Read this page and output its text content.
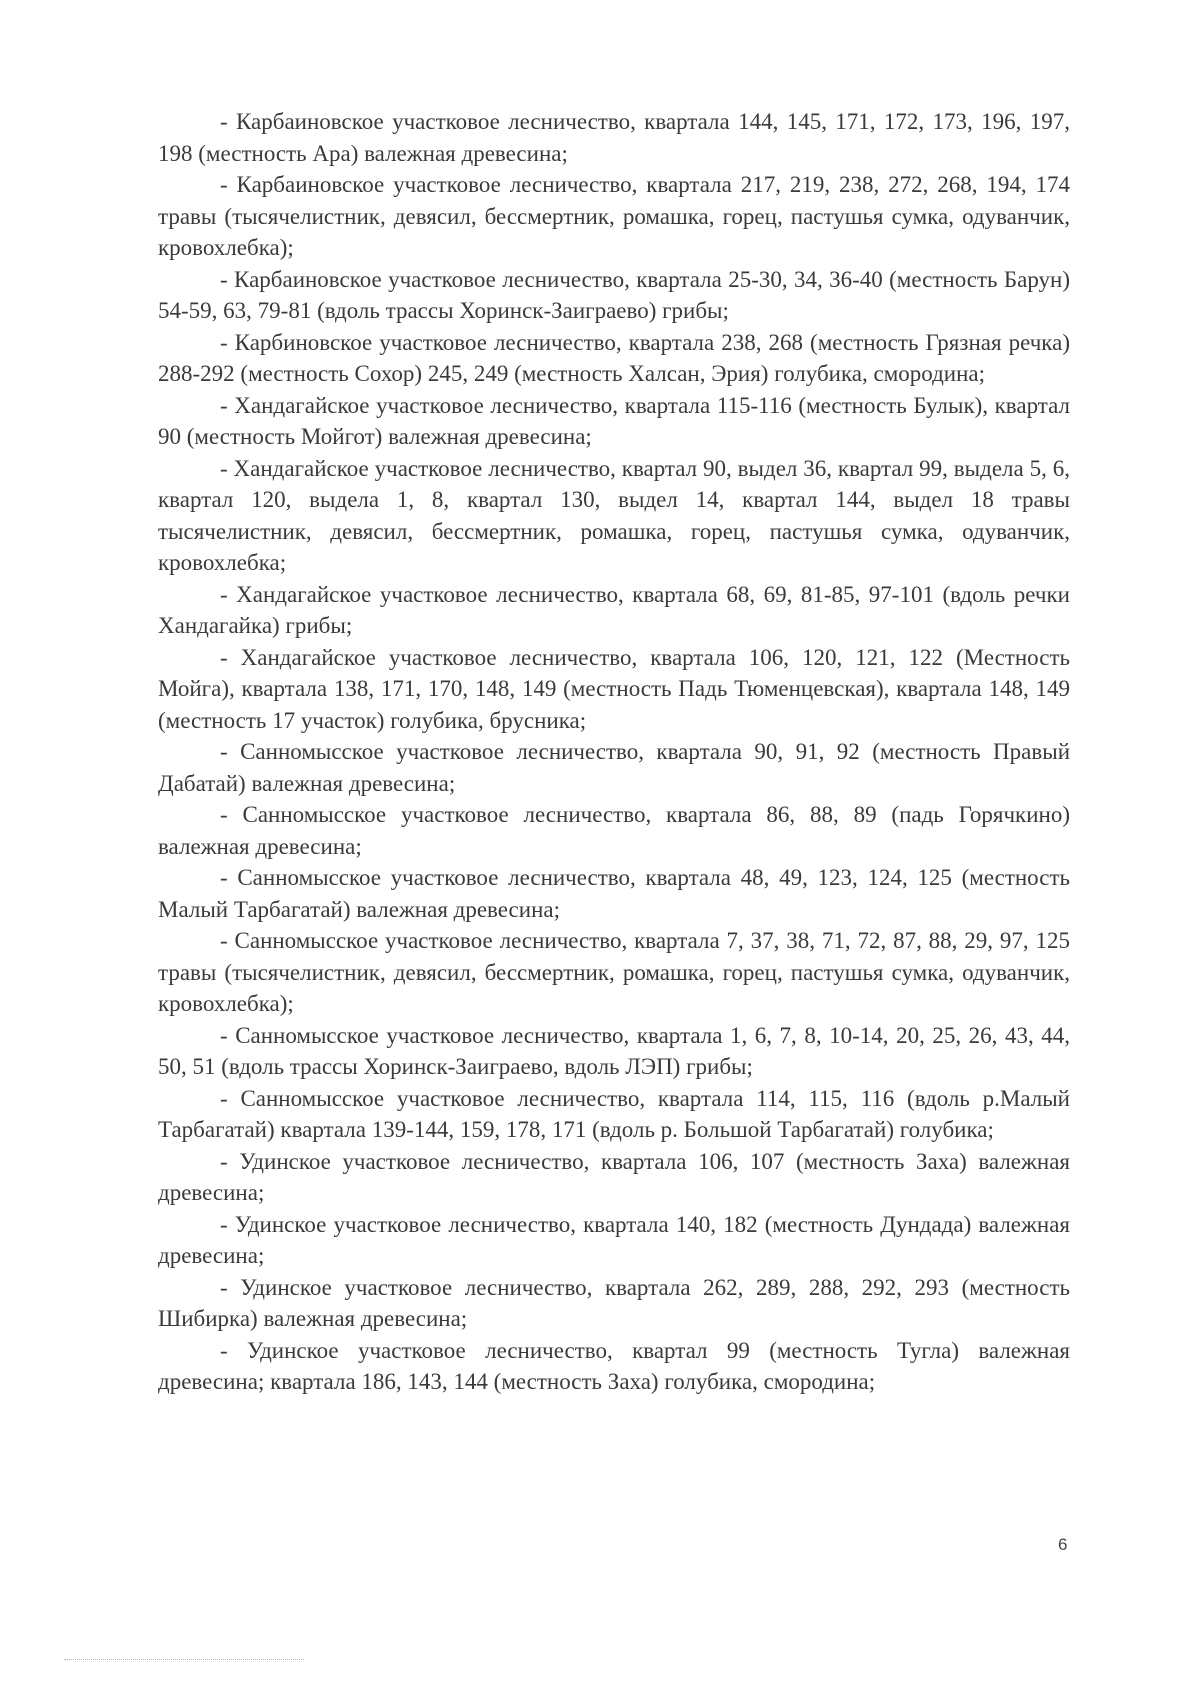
- Карбаиновское участковое лесничество, квартала 144, 145, 171, 172, 173, 196, 197, 198 (местность Ара) валежная древесина;

- Карбаиновское участковое лесничество, квартала 217, 219, 238, 272, 268, 194, 174 травы (тысячелистник, девясил, бессмертник, ромашка, горец, пастушья сумка, одуванчик, кровохлебка);

- Карбаиновское участковое лесничество, квартала 25-30, 34, 36-40 (местность Барун) 54-59, 63, 79-81 (вдоль трассы Хоринск-Заиграево) грибы;

- Карбиновское участковое лесничество, квартала 238, 268 (местность Грязная речка) 288-292 (местность Сохор) 245, 249 (местность Халсан, Эрия) голубика, смородина;

- Хандагайское участковое лесничество, квартала 115-116 (местность Булык), квартал 90 (местность Мойгот) валежная древесина;

- Хандагайское участковое лесничество, квартал 90, выдел 36, квартал 99, выдела 5, 6, квартал 120, выдела 1, 8, квартал 130, выдел 14, квартал 144, выдел 18 травы тысячелистник, девясил, бессмертник, ромашка, горец, пастушья сумка, одуванчик, кровохлебка;

- Хандагайское участковое лесничество, квартала 68, 69, 81-85, 97-101 (вдоль речки Хандагайка) грибы;

- Хандагайское участковое лесничество, квартала 106, 120, 121, 122 (Местность Мойга), квартала 138, 171, 170, 148, 149 (местность Падь Тюменцевская), квартала 148, 149 (местность 17 участок) голубика, брусника;

- Санномысское участковое лесничество, квартала 90, 91, 92 (местность Правый Дабатай) валежная древесина;

- Санномысское участковое лесничество, квартала 86, 88, 89 (падь Горячкино) валежная древесина;

- Санномысское участковое лесничество, квартала 48, 49, 123, 124, 125 (местность Малый Тарбагатай) валежная древесина;

- Санномысское участковое лесничество, квартала 7, 37, 38, 71, 72, 87, 88, 29, 97, 125 травы (тысячелистник, девясил, бессмертник, ромашка, горец, пастушья сумка, одуванчик, кровохлебка);

- Санномысское участковое лесничество, квартала 1, 6, 7, 8, 10-14, 20, 25, 26, 43, 44, 50, 51 (вдоль трассы Хоринск-Заиграево, вдоль ЛЭП) грибы;

- Санномысское участковое лесничество, квартала 114, 115, 116 (вдоль р.Малый Тарбагатай) квартала 139-144, 159, 178, 171 (вдоль р. Большой Тарбагатай) голубика;

- Удинское участковое лесничество, квартала 106, 107 (местность Заха) валежная древесина;

- Удинское участковое лесничество, квартала 140, 182 (местность Дундада) валежная древесина;

- Удинское участковое лесничество, квартала 262, 289, 288, 292, 293 (местность Шибирка) валежная древесина;

- Удинское участковое лесничество, квартал 99 (местность Тугла) валежная древесина; квартала 186, 143, 144 (местность Заха) голубика, смородина;

6
